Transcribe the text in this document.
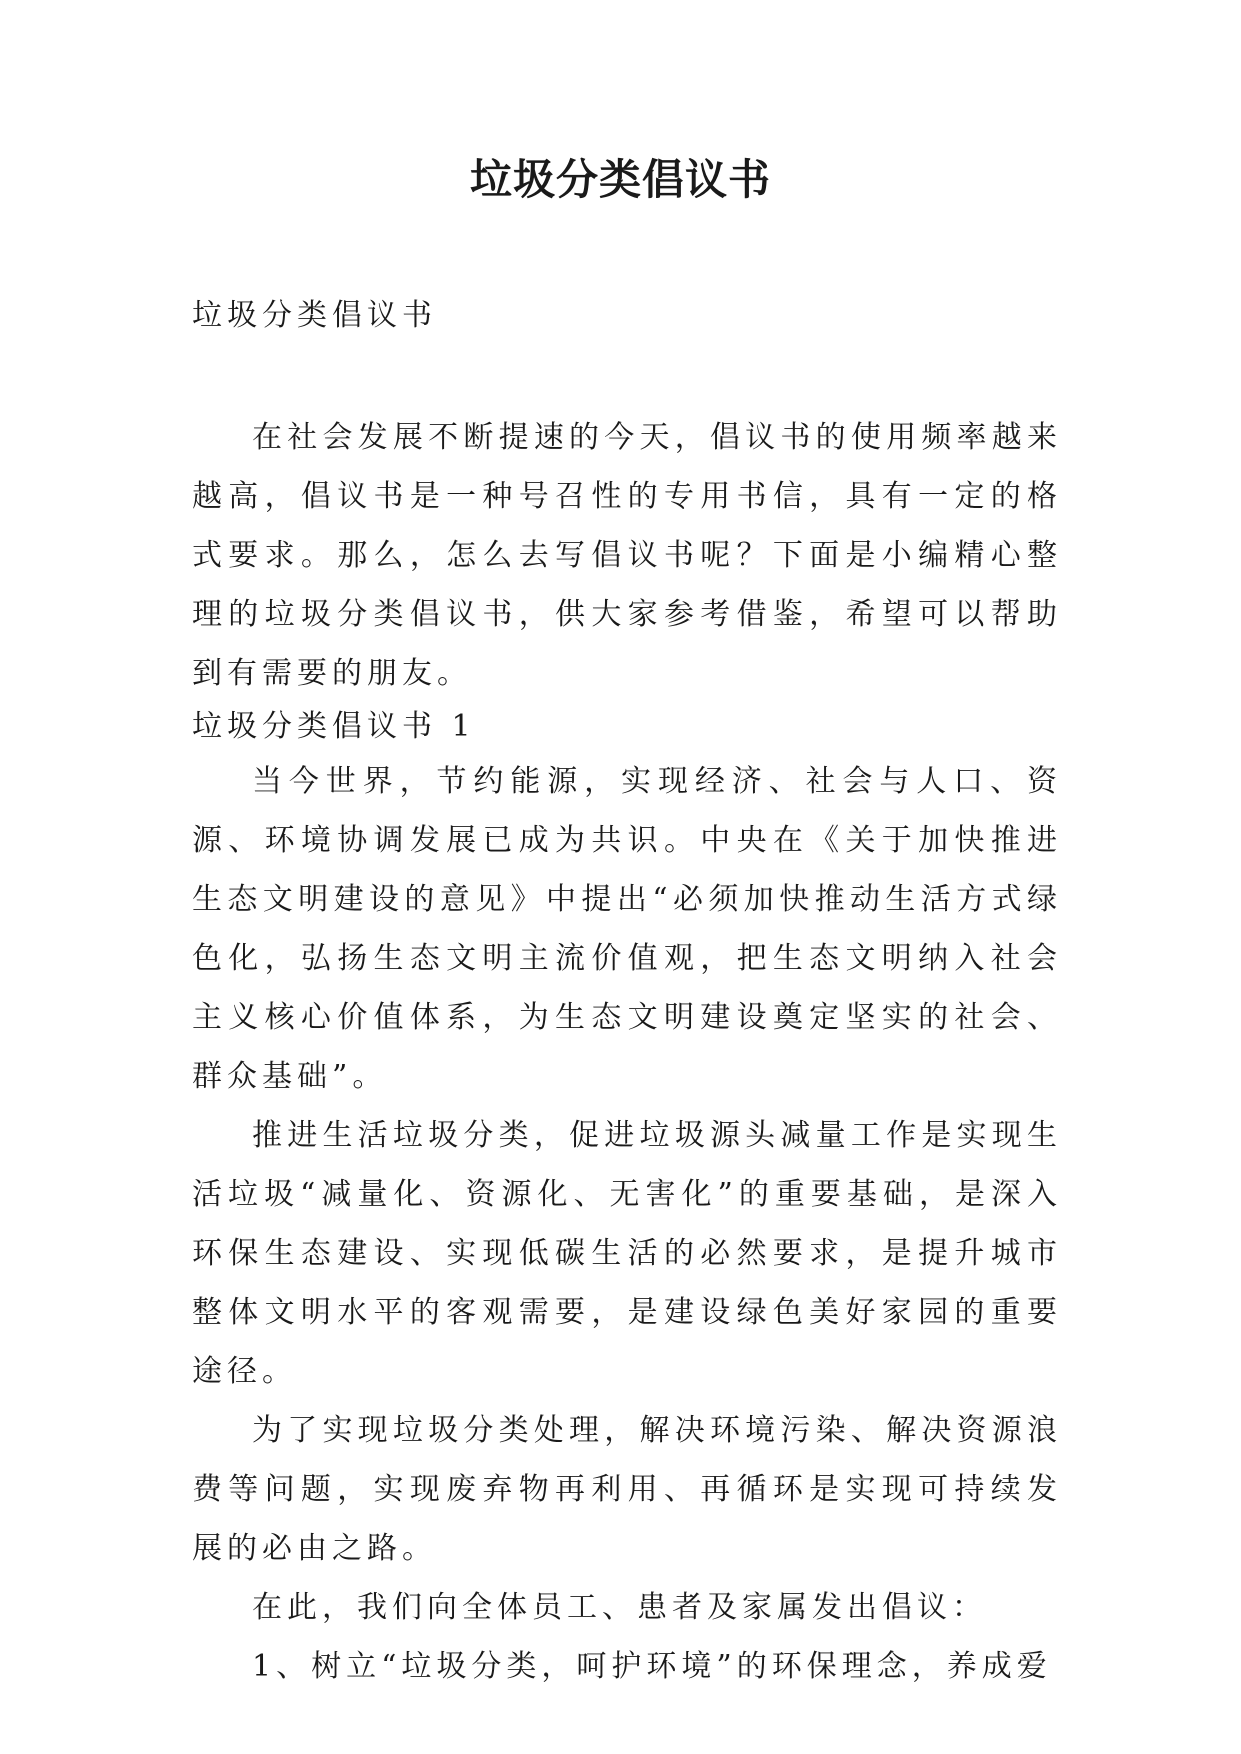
垃圾分类倡议书
垃圾分类倡议书

在社会发展不断提速的今天，倡议书的使用频率越来越高，倡议书是一种号召性的专用书信，具有一定的格式要求。那么，怎么去写倡议书呢？下面是小编精心整理的垃圾分类倡议书，供大家参考借鉴，希望可以帮助到有需要的朋友。

垃圾分类倡议书 1

当今世界，节约能源，实现经济、社会与人口、资源、环境协调发展已成为共识。中央在《关于加快推进生态文明建设的意见》中提出“必须加快推动生活方式绿色化，弘扬生态文明主流价值观，把生态文明纳入社会主义核心价值体系，为生态文明建设奠定坚实的社会、群众基础”。

推进生活垃圾分类，促进垃圾源头减量工作是实现生活垃圾“减量化、资源化、无害化”的重要基础，是深入环保生态建设、实现低碳生活的必然要求，是提升城市整体文明水平的客观需要，是建设绿色美好家园的重要途径。

为了实现垃圾分类处理，解决环境污染、解决资源浪费等问题，实现废弃物再利用、再循环是实现可持续发展的必由之路。

在此，我们向全体员工、患者及家属发出倡议：

1、树立“垃圾分类，呵护环境”的环保理念，养成爱
